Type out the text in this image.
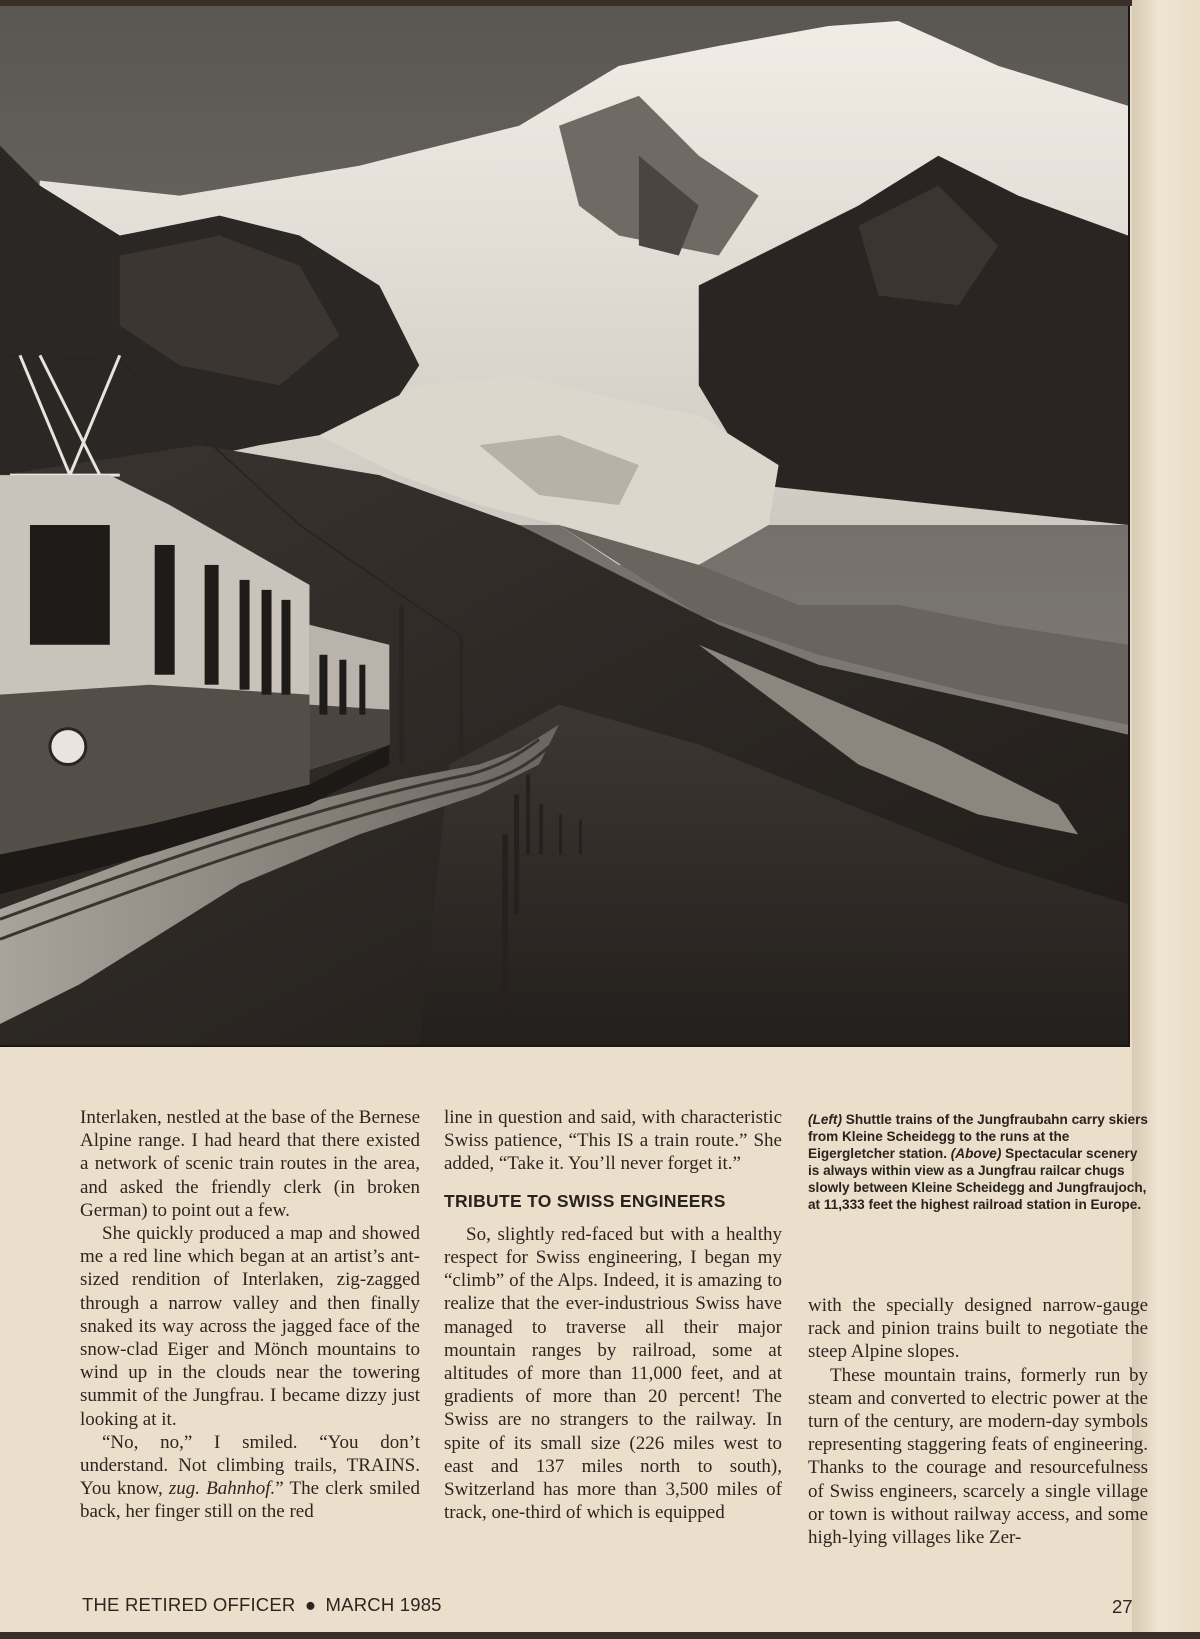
Interlaken, nestled at the base of the Bernese Alpine range. I had heard that there existed a network of scenic train routes in the area, and asked the friendly clerk (in broken German) to point out a few.

She quickly produced a map and showed me a red line which began at an artist’s ant-sized rendition of Interlaken, zig-zagged through a narrow valley and then finally snaked its way across the jagged face of the snow-clad Eiger and Mönch mountains to wind up in the clouds near the towering summit of the Jungfrau. I became dizzy just looking at it.

“No, no,” I smiled. “You don’t understand. Not climbing trails, TRAINS. You know, zug. Bahnhof.” The clerk smiled back, her finger still on the red

line in question and said, with characteristic Swiss patience, “This IS a train route.” She added, “Take it. You’ll never forget it.”

TRIBUTE TO SWISS ENGINEERS

So, slightly red-faced but with a healthy respect for Swiss engineering, I began my “climb” of the Alps. Indeed, it is amazing to realize that the ever-industrious Swiss have managed to traverse all their major mountain ranges by railroad, some at altitudes of more than 11,000 feet, and at gradients of more than 20 percent! The Swiss are no strangers to the railway. In spite of its small size (226 miles west to east and 137 miles north to south), Switzerland has more than 3,500 miles of track, one-third of which is equipped

(Left) Shuttle trains of the Jungfraubahn carry skiers from Kleine Scheidegg to the runs at the Eigergletcher station. (Above) Spectacular scenery is always within view as a Jungfrau railcar chugs slowly between Kleine Scheidegg and Jungfraujoch, at 11,333 feet the highest railroad station in Europe.

with the specially designed narrow-gauge rack and pinion trains built to negotiate the steep Alpine slopes.

These mountain trains, formerly run by steam and converted to electric power at the turn of the century, are modern-day symbols representing staggering feats of engineering. Thanks to the courage and resourcefulness of Swiss engineers, scarcely a single village or town is without railway access, and some high-lying villages like Zer-

THE RETIRED OFFICER ● MARCH 1985	27
